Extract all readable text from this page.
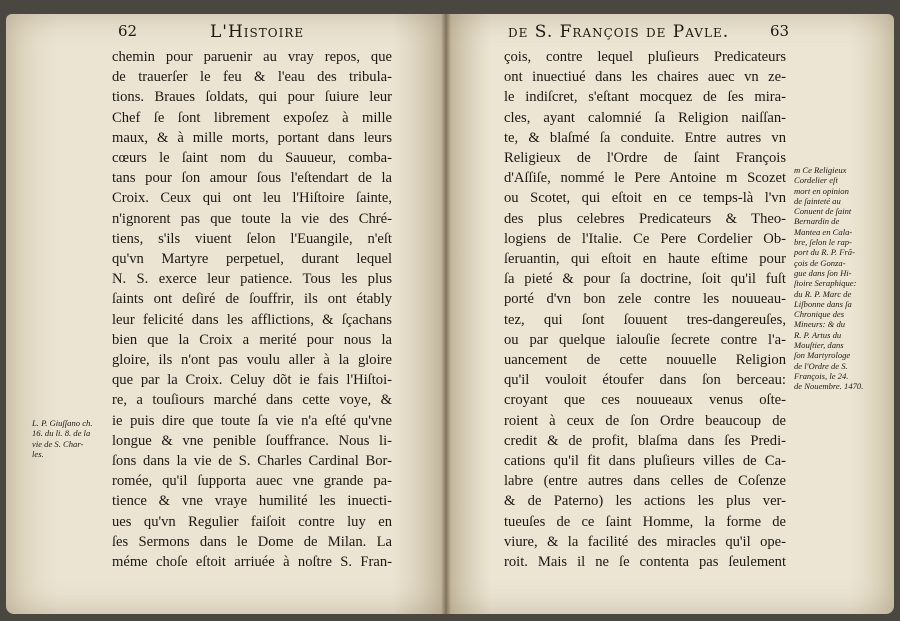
62	L'Histoire	de S. François de Pavle.	63
chemin pour paruenir au vray repos, que
de trauerſer le feu & l'eau des tribula-
tions. Braues ſoldats, qui pour ſuiure leur
Chef ſe ſont librement expoſez à mille
maux, & à mille morts, portant dans leurs
cœurs le ſaint nom du Sauueur, comba-
tans pour ſon amour ſous l'eſtendart de la
Croix. Ceux qui ont leu l'Hiſtoire ſainte,
n'ignorent pas que toute la vie des Chré-
tiens, s'ils viuent ſelon l'Euangile, n'eſt
qu'vn Martyre perpetuel, durant lequel
N. S. exerce leur patience. Tous les plus
ſaints ont deſiré de ſouffrir, ils ont étably
leur felicité dans les afflictions, & ſçachans
bien que la Croix a merité pour nous la
gloire, ils n'ont pas voulu aller à la gloire
que par la Croix. Celuy dõt ie fais l'Hiſtoi-
re, a touſiours marché dans cette voye, &
ie puis dire que toute ſa vie n'a eſté qu'vne
longue & vne penible ſouffrance. Nous li-
ſons dans la vie de S. Charles Cardinal Bor-
romée, qu'il ſupporta auec vne grande pa-
tience & vne vraye humilité les inuecti-
ues qu'vn Regulier faiſoit contre luy en
ſes Sermons dans le Dome de Milan. La
méme choſe eſtoit arriuée à noſtre S. Fran-
L. P. Giuſſano ch.
16. du li. 8. de la
vie de S. Char-
les.
çois, contre lequel pluſieurs Predicateurs
ont inuectiué dans les chaires auec vn ze-
le indiſcret, s'eſtant mocquez de ſes mira-
cles, ayant calomnié ſa Religion naiſſan-
te, & blaſmé ſa conduite. Entre autres vn
Religieux de l'Ordre de ſaint François
d'Aſſiſe, nommé le Pere Antoine m Scozet
ou Scotet, qui eſtoit en ce temps-là l'vn
des plus celebres Predicateurs & Theo-
logiens de l'Italie. Ce Pere Cordelier Ob-
ſeruantin, qui eſtoit en haute eſtime pour
ſa pieté & pour ſa doctrine, ſoit qu'il fuſt
porté d'vn bon zele contre les nouueau-
tez, qui ſont ſouuent tres-dangereuſes,
ou par quelque ialouſie ſecrete contre l'a-
uancement de cette nouuelle Religion
qu'il vouloit étoufer dans ſon berceau:
croyant que ces nouueaux venus oſte-
roient à ceux de ſon Ordre beaucoup de
credit & de profit, blaſma dans ſes Predi-
cations qu'il fit dans pluſieurs villes de Ca-
labre (entre autres dans celles de Coſenze
& de Paterno) les actions les plus ver-
tueuſes de ce ſaint Homme, la forme de
viure, & la facilité des miracles qu'il ope-
roit. Mais il ne ſe contenta pas ſeulement
m Ce Religieux
Cordelier eſt
mort en opinion
de ſainteté au
Conuent de ſaint
Bernardin de
Mantea en Cala-
bre, ſelon le rap-
port du R. P. Frã-
çois de Gonza-
gue dans ſon Hi-
ſtoire Seraphique:
du R. P. Marc de
Liſbonne dans ſa
Chronique des
Mineurs: & du
R. P. Artus du
Mouſtier, dans
ſon Martyrologe
de l'Ordre de S.
François, le 24.
de Nouembre. 1470.
